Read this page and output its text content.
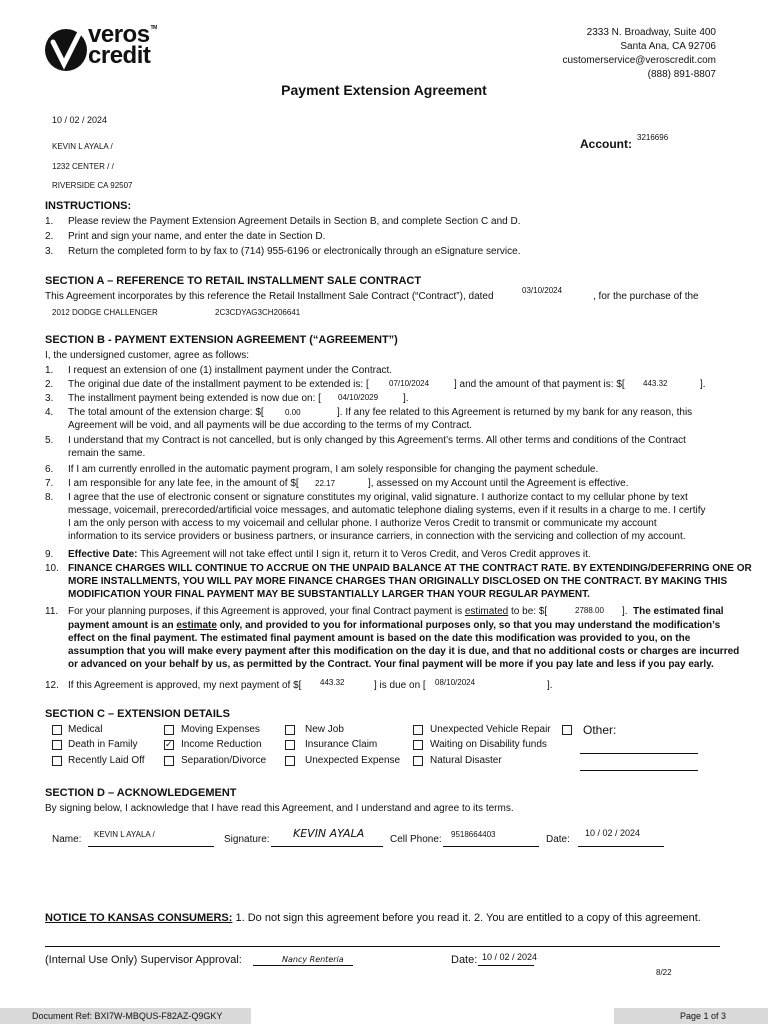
veros TM
credit
2333 N. Broadway, Suite 400
Santa Ana, CA 92706
customerservice@veroscredit.com
(888) 891-8807
Payment Extension Agreement
10 / 02 / 2024
KEVIN L AYALA /
1232 CENTER / /
RIVERSIDE CA 92507
Account: 3216696
INSTRUCTIONS:
1. Please review the Payment Extension Agreement Details in Section B, and complete Section C and D.
2. Print and sign your name, and enter the date in Section D.
3. Return the completed form to by fax to (714) 955-6196 or electronically through an eSignature service.
SECTION A – REFERENCE TO RETAIL INSTALLMENT SALE CONTRACT
This Agreement incorporates by this reference the Retail Installment Sale Contract (“Contract”), dated
03/10/2024
, for the purchase of the
2012 DODGE CHALLENGER	2C3CDYAG3CH206641
SECTION B - PAYMENT EXTENSION AGREEMENT (“AGREEMENT”)
I, the undersigned customer, agree as follows:
1. I request an extension of one (1) installment payment under the Contract.
2. The original due date of the installment payment to be extended is: [	07/10/2024 ] and the amount of that payment is: $[ 443.32	].
3. The installment payment being extended is now due on: [ 04/10/2029 ].
4. The total amount of the extension charge: $[	0.00	]. If any fee related to this Agreement is returned by my bank for any reason, this
Agreement will be void, and all payments will be due according to the terms of my Contract.
5. I understand that my Contract is not cancelled, but is only changed by this Agreement’s terms. All other terms and conditions of the Contract
remain the same.
6. If I am currently enrolled in the automatic payment program, I am solely responsible for changing the payment schedule.
7. I am responsible for any late fee, in the amount of $[ 22.17	], assessed on my Account until the Agreement is effective.
8. I agree that the use of electronic consent or signature constitutes my original, valid signature. I authorize contact to my cellular phone by text
message, voicemail, prerecorded/artificial voice messages, and automatic telephone dialing systems, even if it results in a charge to me. I certify
I am the only person with access to my voicemail and cellular phone. I authorize Veros Credit to transmit or communicate my account
information to its service providers or business partners, or insurance carriers, in connection with the servicing and collection of my account.
9. Effective Date: This Agreement will not take effect until I sign it, return it to Veros Credit, and Veros Credit approves it.
10. FINANCE CHARGES WILL CONTINUE TO ACCRUE ON THE UNPAID BALANCE AT THE CONTRACT RATE. BY EXTENDING/DEFERRING ONE OR
MORE INSTALLMENTS, YOU WILL PAY MORE FINANCE CHARGES THAN ORIGINALLY DISCLOSED ON THE CONTRACT. BY MAKING THIS
MODIFICATION YOUR FINAL PAYMENT MAY BE SUBSTANTIALLY LARGER THAN YOUR REGULAR PAYMENT.
11. For your planning purposes, if this Agreement is approved, your final Contract payment is estimated to be: $[	2788.00 ]. The estimated final
payment amount is an estimate only, and provided to you for informational purposes only, so that you may understand the modification’s
effect on the final payment. The estimated final payment amount is based on the date this modification was provided to you, on the
assumption that you will make every payment after this modification on the day it is due, and that no additional costs or charges are incurred
or advanced on your behalf by us, as permitted by the Contract. Your final payment will be more if you pay late and less if you pay early.
12. If this Agreement is approved, my next payment of $[ 443.32	] is due on [ 08/10/2024	].
SECTION C – EXTENSION DETAILS
Medical	Moving Expenses	New Job	Unexpected Vehicle Repair	Other:
Death in Family
✓	Income Reduction	Insurance Claim	Waiting on Disability funds
Recently Laid Off	Separation/Divorce	Unexpected Expense	Natural Disaster
SECTION D – ACKNOWLEDGEMENT
By signing below, I acknowledge that I have read this Agreement, and I understand and agree to its terms.
Name: KEVIN L AYALA /	Signature: KEVIN AYALA	Cell Phone: 9518664403	Date:
10 / 02 / 2024
NOTICE TO KANSAS CONSUMERS: 1. Do not sign this agreement before you read it. 2. You are entitled to a copy of this agreement.
(Internal Use Only) Supervisor Approval:	Nancy Renteria	Date: 10 / 02 / 2024
8/22
Document Ref: BXI7W-MBQUS-F82AZ-Q9GKY	Page 1 of 3
